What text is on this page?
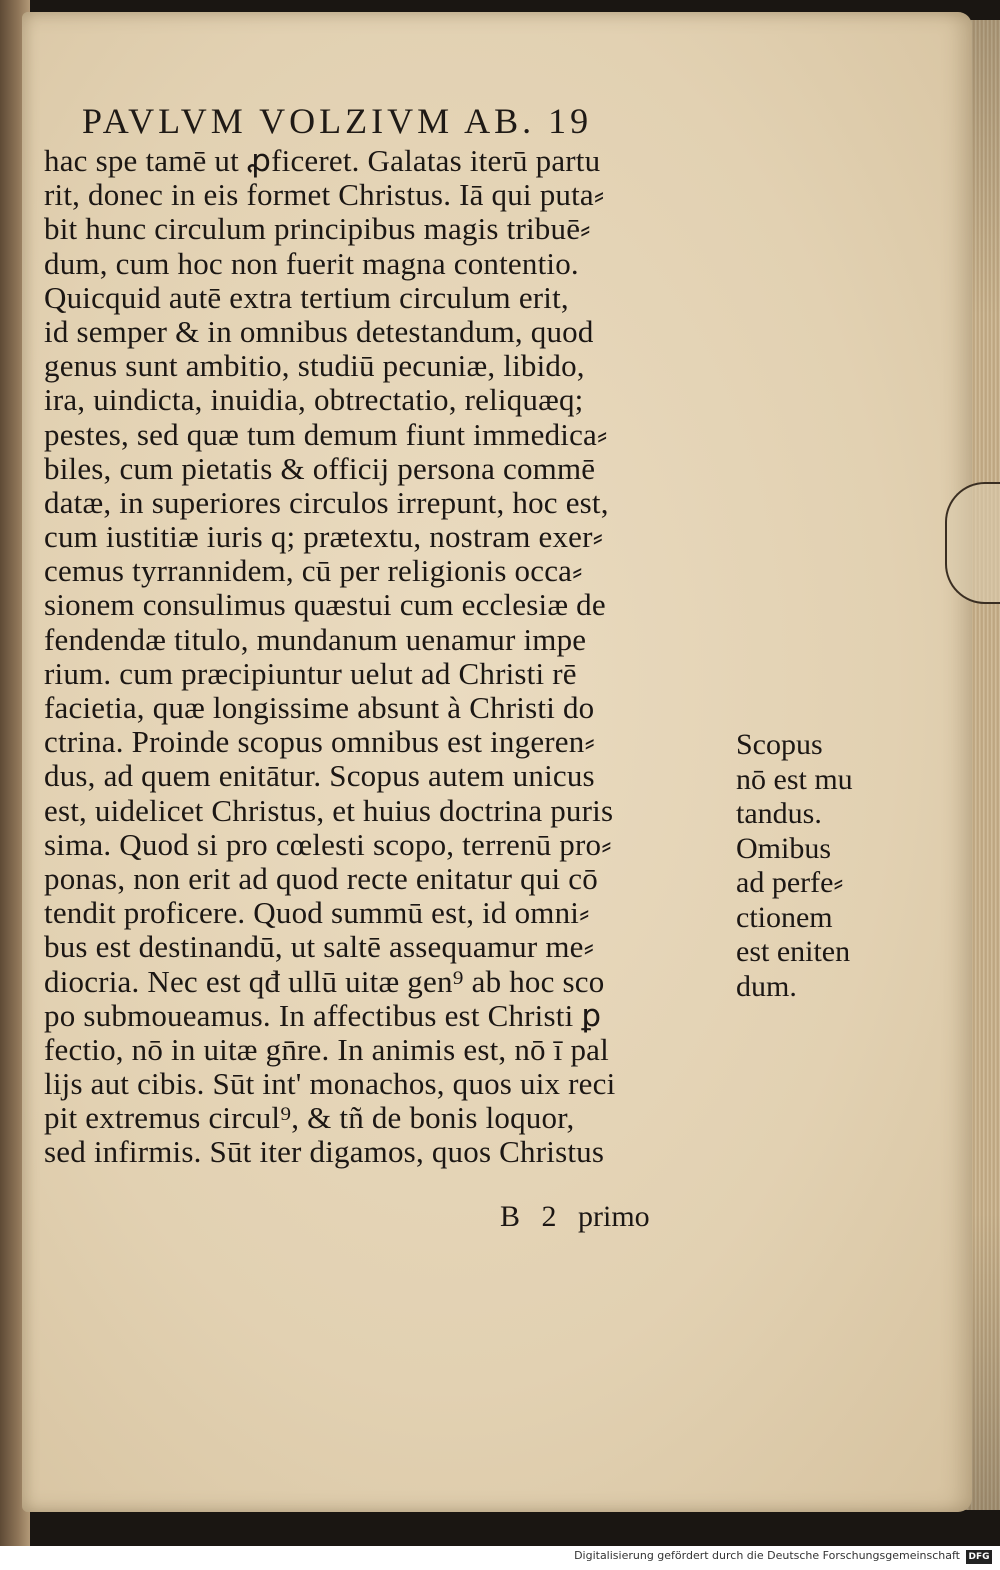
PAVLVM VOLZIVM AB. 19
hac spe tamē ut ꝓficeret. Galatas iterū partu
rit, donec in eis formet Christus. Iā qui puta⸗
bit hunc circulum principibus magis tribuē⸗
dum, cum hoc non fuerit magna contentio.
Quicquid autē extra tertium circulum erit,
id semper & in omnibus detestandum, quod
genus sunt ambitio, studiū pecuniæ, libido,
ira, uindicta, inuidia, obtrectatio, reliquæq;
pestes, sed quæ tum demum fiunt immedica⸗
biles, cum pietatis & officij persona commē
datæ, in superiores circulos irrepunt, hoc est,
cum iustitiæ iuris q; prætextu, nostram exer⸗
cemus tyrrannidem, cū per religionis occa⸗
sionem consulimus quæstui cum ecclesiæ de
fendendæ titulo, mundanum uenamur impe
rium. cum præcipiuntur uelut ad Christi rē
facietia, quæ longissime absunt à Christi do
ctrina. Proinde scopus omnibus est ingeren⸗
dus, ad quem enitātur. Scopus autem unicus
est, uidelicet Christus, et huius doctrina puris
sima. Quod si pro cœlesti scopo, terrenū pro⸗
ponas, non erit ad quod recte enitatur qui cō
tendit proficere. Quod summū est, id omni⸗
bus est destinandū, ut saltē assequamur me⸗
diocria. Nec est qđ ullū uitæ gen⁹ ab hoc sco
po submoueamus. In affectibus est Christi ꝑ
fectio, nō in uitæ gn̄re. In animis est, nō ī pal
lijs aut cibis. Sūt int' monachos, quos uix reci
pit extremus circul⁹, & tñ de bonis loquor,
sed infirmis. Sūt iter digamos, quos Christus
Scopus
nō est mu
tandus.
Omibus
ad perfe⸗
ctionem
est eniten
dum.
B 2 primo
Digitalisierung gefördert durch die Deutsche Forschungsgemeinschaft DFG
